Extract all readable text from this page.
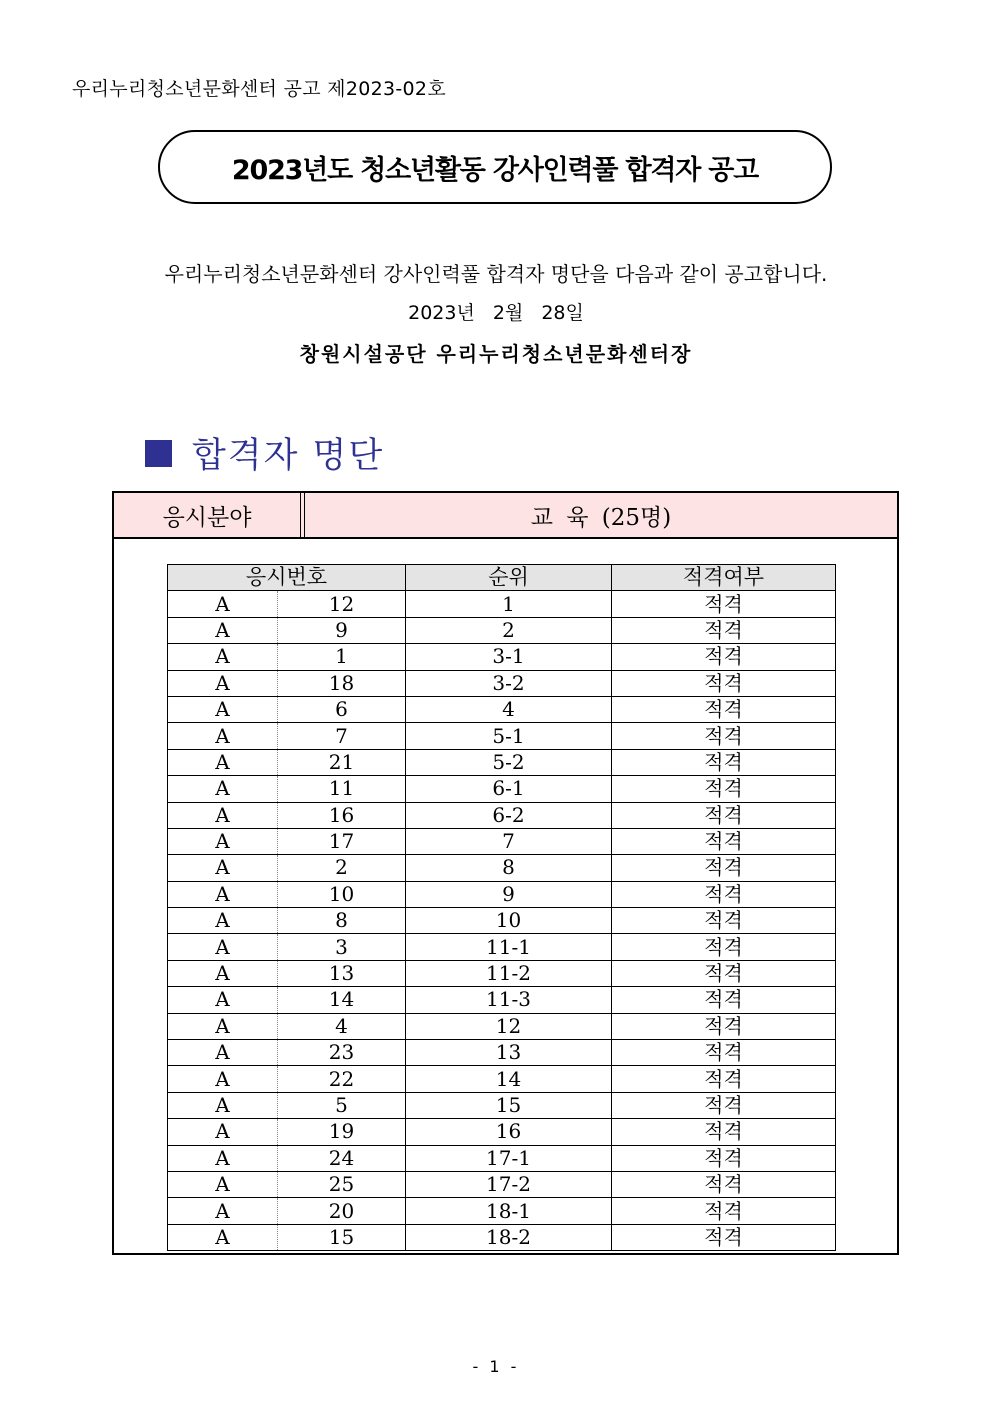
우리누리청소년문화센터 공고 제2023-02호
2023년도 청소년활동 강사인력풀 합격자 공고
우리누리청소년문화센터 강사인력풀 합격자 명단을 다음과 같이 공고합니다.
2023년 2월 28일
창원시설공단 우리누리청소년문화센터장
합격자 명단
응시분야	교 육 (25명)
응시번호		순위	적격여부
A	12	1	적격
A	9	2	적격
A	1	3-1	적격
A	18	3-2	적격
A	6	4	적격
A	7	5-1	적격
A	21	5-2	적격
A	11	6-1	적격
A	16	6-2	적격
A	17	7	적격
A	2	8	적격
A	10	9	적격
A	8	10	적격
A	3	11-1	적격
A	13	11-2	적격
A	14	11-3	적격
A	4	12	적격
A	23	13	적격
A	22	14	적격
A	5	15	적격
A	19	16	적격
A	24	17-1	적격
A	25	17-2	적격
A	20	18-1	적격
A	15	18-2	적격
- 1 -
